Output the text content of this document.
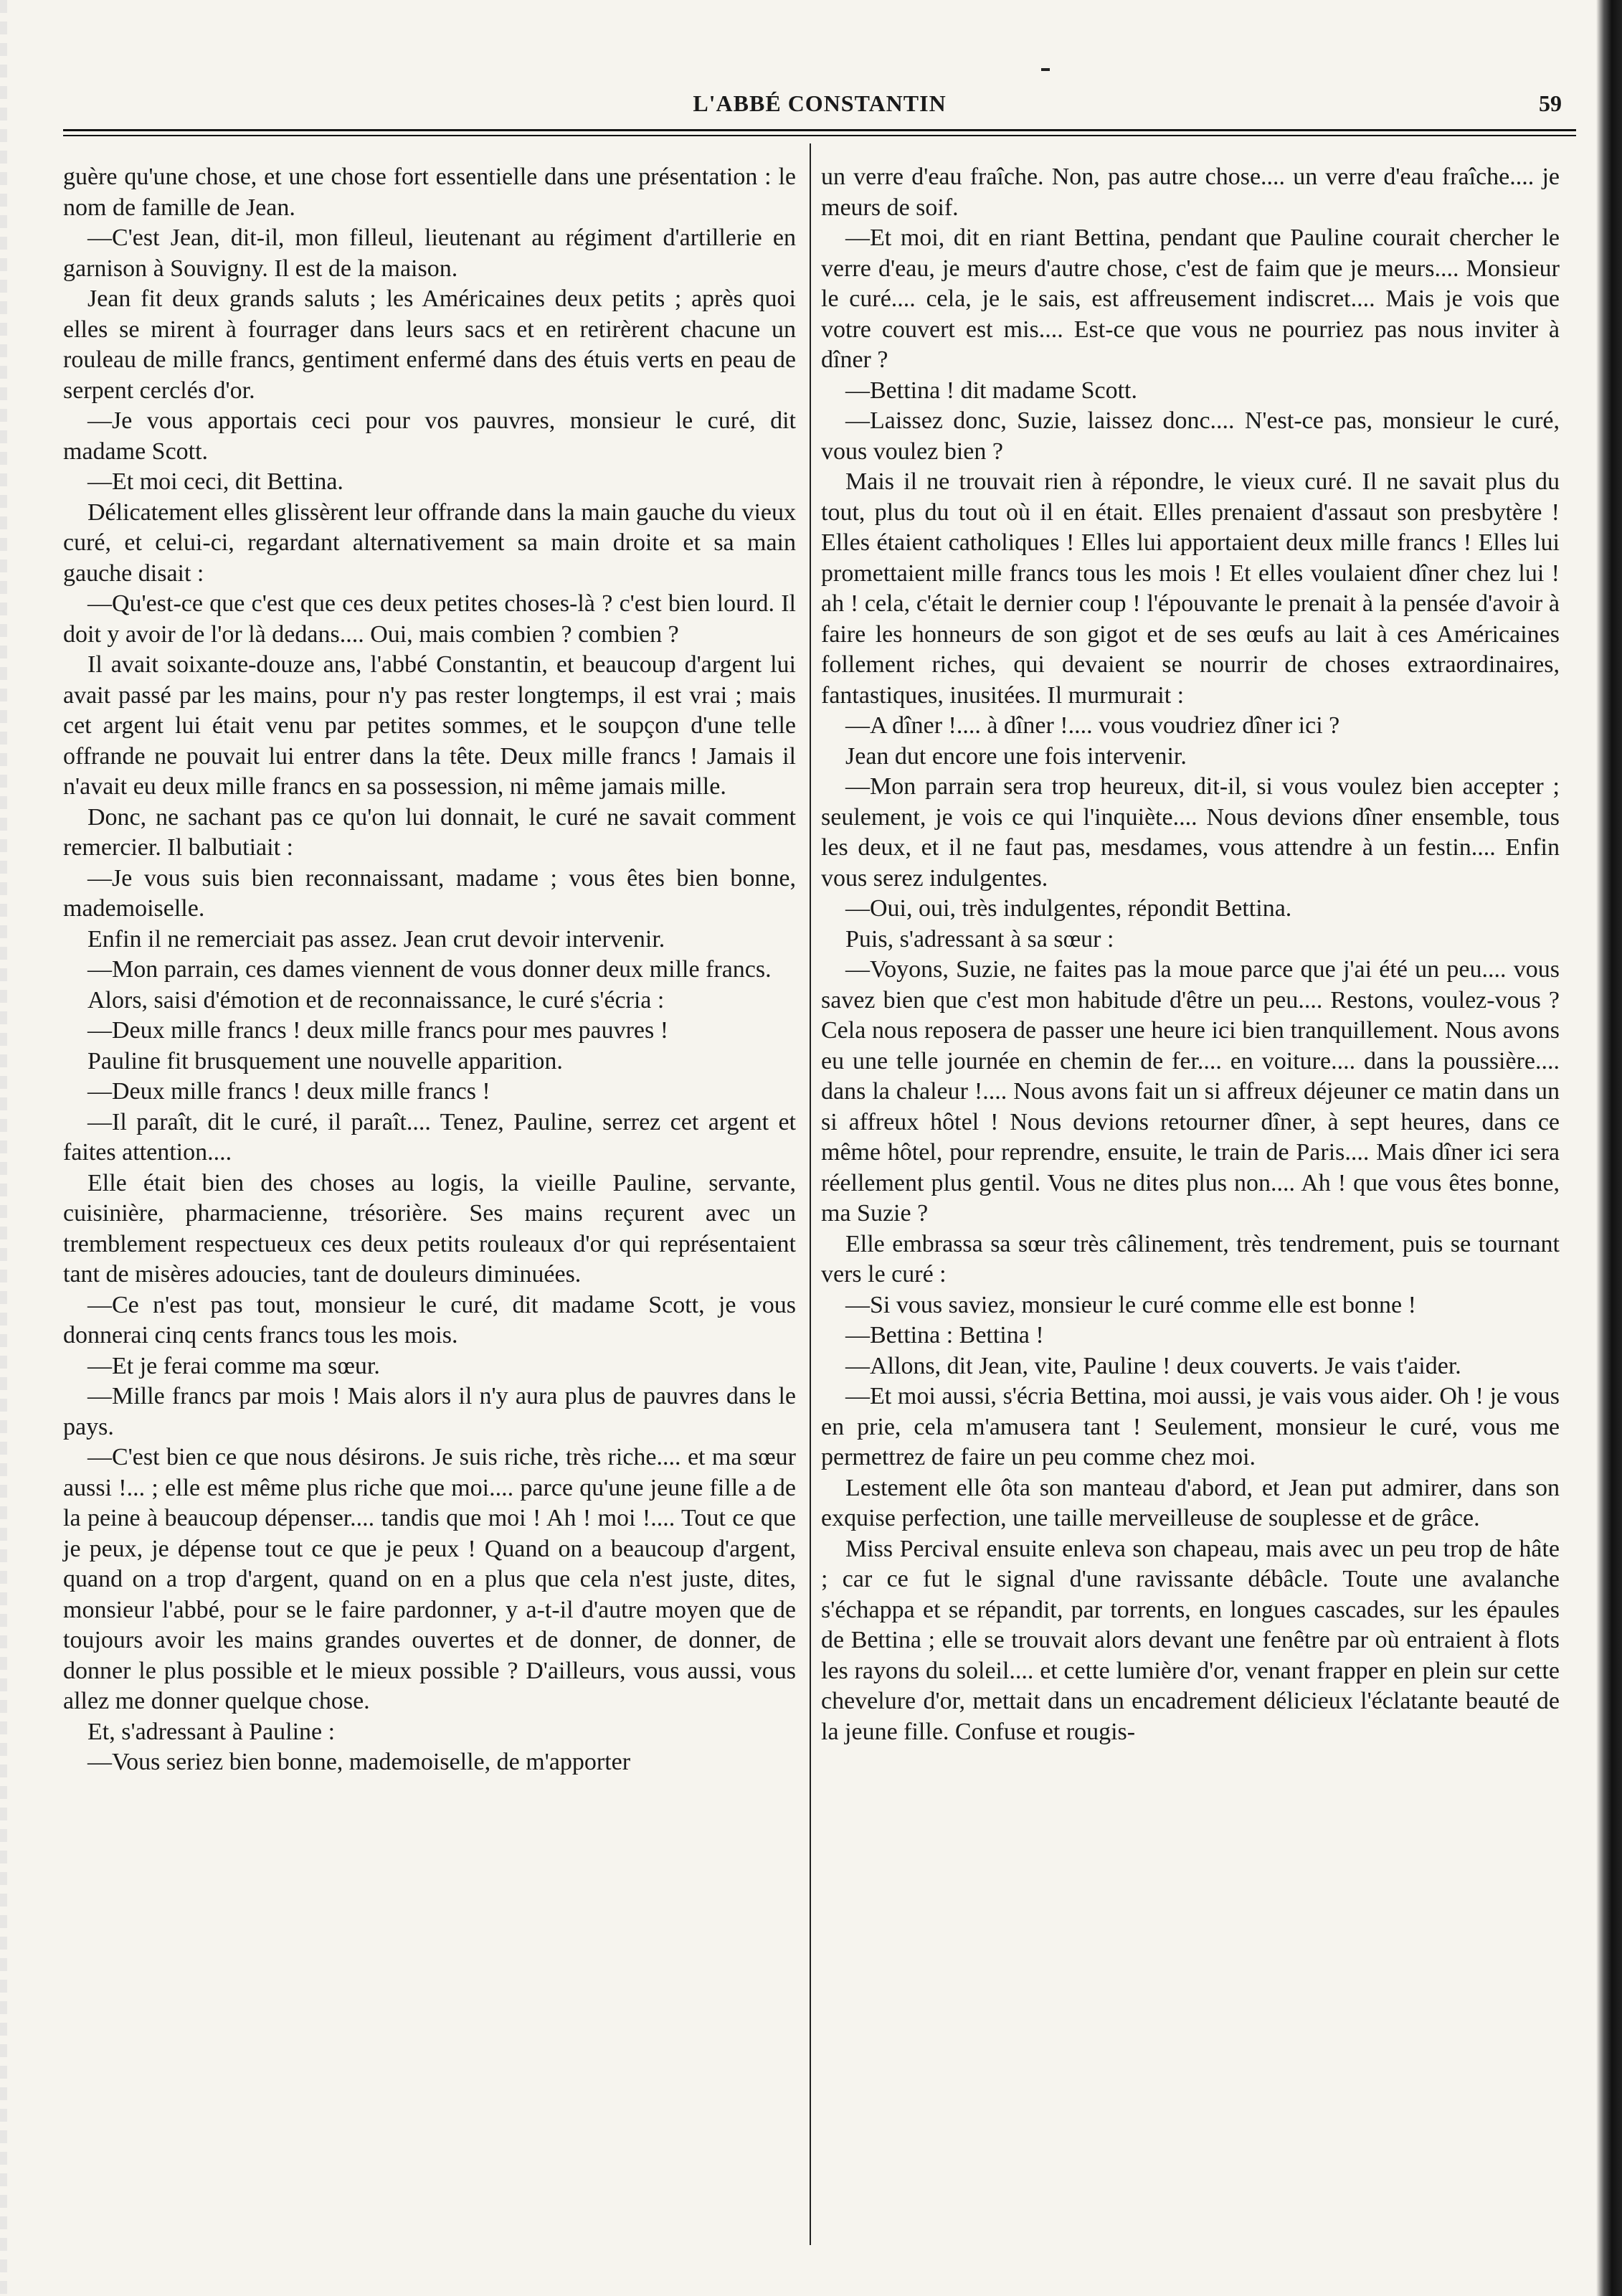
L'ABBÉ CONSTANTIN	59

guère qu'une chose, et une chose fort essentielle dans une présentation : le nom de famille de Jean.

—C'est Jean, dit-il, mon filleul, lieutenant au régiment d'artillerie en garnison à Souvigny. Il est de la maison.

Jean fit deux grands saluts ; les Américaines deux petits ; après quoi elles se mirent à fourrager dans leurs sacs et en retirèrent chacune un rouleau de mille francs, gentiment enfermé dans des étuis verts en peau de serpent cerclés d'or.

—Je vous apportais ceci pour vos pauvres, monsieur le curé, dit madame Scott.

—Et moi ceci, dit Bettina.

Délicatement elles glissèrent leur offrande dans la main gauche du vieux curé, et celui-ci, regardant alternativement sa main droite et sa main gauche disait :

—Qu'est-ce que c'est que ces deux petites choses-là ? c'est bien lourd. Il doit y avoir de l'or là dedans.... Oui, mais combien ? combien ?

Il avait soixante-douze ans, l'abbé Constantin, et beaucoup d'argent lui avait passé par les mains, pour n'y pas rester longtemps, il est vrai ; mais cet argent lui était venu par petites sommes, et le soupçon d'une telle offrande ne pouvait lui entrer dans la tête. Deux mille francs ! Jamais il n'avait eu deux mille francs en sa possession, ni même jamais mille.

Donc, ne sachant pas ce qu'on lui donnait, le curé ne savait comment remercier. Il balbutiait :

—Je vous suis bien reconnaissant, madame ; vous êtes bien bonne, mademoiselle.

Enfin il ne remerciait pas assez. Jean crut devoir intervenir.

—Mon parrain, ces dames viennent de vous donner deux mille francs.

Alors, saisi d'émotion et de reconnaissance, le curé s'écria :

—Deux mille francs ! deux mille francs pour mes pauvres !

Pauline fit brusquement une nouvelle apparition.

—Deux mille francs ! deux mille francs !

—Il paraît, dit le curé, il paraît.... Tenez, Pauline, serrez cet argent et faites attention....

Elle était bien des choses au logis, la vieille Pauline, servante, cuisinière, pharmacienne, trésorière. Ses mains reçurent avec un tremblement respectueux ces deux petits rouleaux d'or qui représentaient tant de misères adoucies, tant de douleurs diminuées.

—Ce n'est pas tout, monsieur le curé, dit madame Scott, je vous donnerai cinq cents francs tous les mois.

—Et je ferai comme ma sœur.

—Mille francs par mois ! Mais alors il n'y aura plus de pauvres dans le pays.

—C'est bien ce que nous désirons. Je suis riche, très riche.... et ma sœur aussi !... ; elle est même plus riche que moi.... parce qu'une jeune fille a de la peine à beaucoup dépenser.... tandis que moi ! Ah ! moi !.... Tout ce que je peux, je dépense tout ce que je peux ! Quand on a beaucoup d'argent, quand on a trop d'argent, quand on en a plus que cela n'est juste, dites, monsieur l'abbé, pour se le faire pardonner, y a-t-il d'autre moyen que de toujours avoir les mains grandes ouvertes et de donner, de donner, de donner le plus possible et le mieux possible ? D'ailleurs, vous aussi, vous allez me donner quelque chose.

Et, s'adressant à Pauline :

—Vous seriez bien bonne, mademoiselle, de m'apporter

un verre d'eau fraîche. Non, pas autre chose.... un verre d'eau fraîche.... je meurs de soif.

—Et moi, dit en riant Bettina, pendant que Pauline courait chercher le verre d'eau, je meurs d'autre chose, c'est de faim que je meurs.... Monsieur le curé.... cela, je le sais, est affreusement indiscret.... Mais je vois que votre couvert est mis.... Est-ce que vous ne pourriez pas nous inviter à dîner ?

—Bettina ! dit madame Scott.

—Laissez donc, Suzie, laissez donc.... N'est-ce pas, monsieur le curé, vous voulez bien ?

Mais il ne trouvait rien à répondre, le vieux curé. Il ne savait plus du tout, plus du tout où il en était. Elles prenaient d'assaut son presbytère ! Elles étaient catholiques ! Elles lui apportaient deux mille francs ! Elles lui promettaient mille francs tous les mois ! Et elles voulaient dîner chez lui ! ah ! cela, c'était le dernier coup ! l'épouvante le prenait à la pensée d'avoir à faire les honneurs de son gigot et de ses œufs au lait à ces Américaines follement riches, qui devaient se nourrir de choses extraordinaires, fantastiques, inusitées. Il murmurait :

—A dîner !.... à dîner !.... vous voudriez dîner ici ?

Jean dut encore une fois intervenir.

—Mon parrain sera trop heureux, dit-il, si vous voulez bien accepter ; seulement, je vois ce qui l'inquiète.... Nous devions dîner ensemble, tous les deux, et il ne faut pas, mesdames, vous attendre à un festin.... Enfin vous serez indulgentes.

—Oui, oui, très indulgentes, répondit Bettina.

Puis, s'adressant à sa sœur :

—Voyons, Suzie, ne faites pas la moue parce que j'ai été un peu.... vous savez bien que c'est mon habitude d'être un peu.... Restons, voulez-vous ? Cela nous reposera de passer une heure ici bien tranquillement. Nous avons eu une telle journée en chemin de fer.... en voiture.... dans la poussière.... dans la chaleur !.... Nous avons fait un si affreux déjeuner ce matin dans un si affreux hôtel ! Nous devions retourner dîner, à sept heures, dans ce même hôtel, pour reprendre, ensuite, le train de Paris.... Mais dîner ici sera réellement plus gentil. Vous ne dites plus non.... Ah ! que vous êtes bonne, ma Suzie ?

Elle embrassa sa sœur très câlinement, très tendrement, puis se tournant vers le curé :

—Si vous saviez, monsieur le curé comme elle est bonne !

—Bettina : Bettina !

—Allons, dit Jean, vite, Pauline ! deux couverts. Je vais t'aider.

—Et moi aussi, s'écria Bettina, moi aussi, je vais vous aider. Oh ! je vous en prie, cela m'amusera tant ! Seulement, monsieur le curé, vous me permettrez de faire un peu comme chez moi.

Lestement elle ôta son manteau d'abord, et Jean put admirer, dans son exquise perfection, une taille merveilleuse de souplesse et de grâce.

Miss Percival ensuite enleva son chapeau, mais avec un peu trop de hâte ; car ce fut le signal d'une ravissante débâcle. Toute une avalanche s'échappa et se répandit, par torrents, en longues cascades, sur les épaules de Bettina ; elle se trouvait alors devant une fenêtre par où entraient à flots les rayons du soleil.... et cette lumière d'or, venant frapper en plein sur cette chevelure d'or, mettait dans un encadrement délicieux l'éclatante beauté de la jeune fille. Confuse et rougis-
